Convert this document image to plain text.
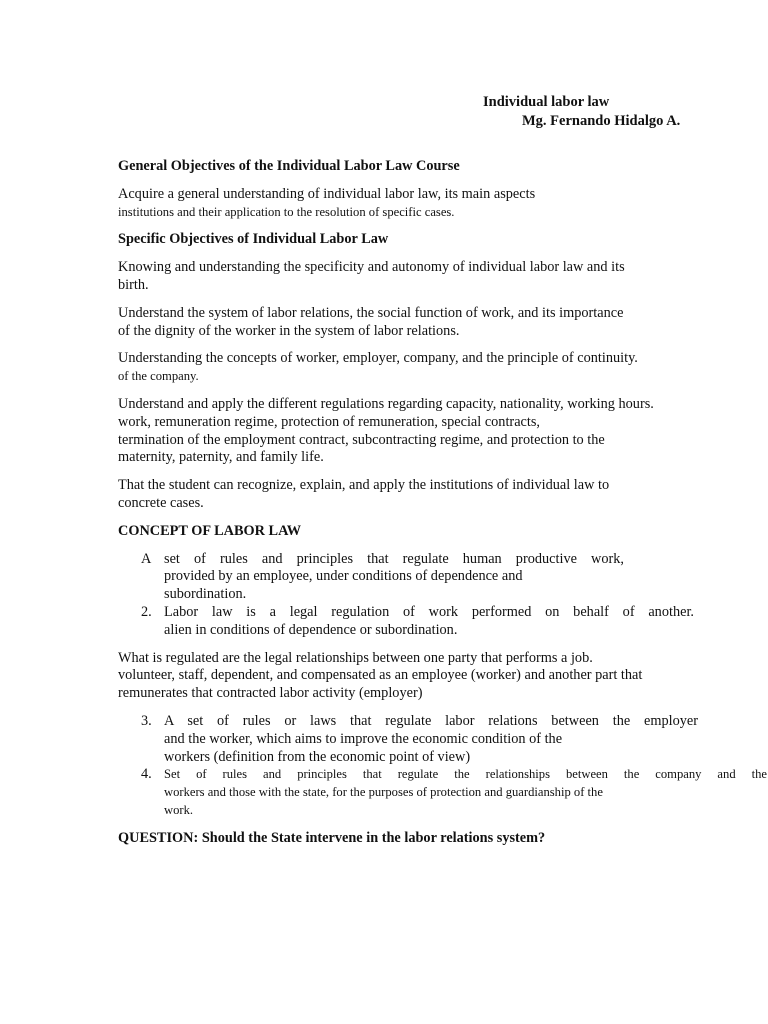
Individual labor law
Mg. Fernando Hidalgo A.
General Objectives of the Individual Labor Law Course
Acquire a general understanding of individual labor law, its main aspects
institutions and their application to the resolution of specific cases.
Specific Objectives of Individual Labor Law
Knowing and understanding the specificity and autonomy of individual labor law and its
birth.
Understand the system of labor relations, the social function of work, and its importance
of the dignity of the worker in the system of labor relations.
Understanding the concepts of worker, employer, company, and the principle of continuity.
of the company.
Understand and apply the different regulations regarding capacity, nationality, working hours.
work, remuneration regime, protection of remuneration, special contracts,
termination of the employment contract, subcontracting regime, and protection to the
maternity, paternity, and family life.
That the student can recognize, explain, and apply the institutions of individual law to
concrete cases.
CONCEPT OF LABOR LAW
A set of rules and principles that regulate human productive work,
provided by an employee, under conditions of dependence and
subordination.
2. Labor law is a legal regulation of work performed on behalf of another.
alien in conditions of dependence or subordination.
What is regulated are the legal relationships between one party that performs a job.
volunteer, staff, dependent, and compensated as an employee (worker) and another part that
remunerates that contracted labor activity (employer)
3. A set of rules or laws that regulate labor relations between the employer
and the worker, which aims to improve the economic condition of the
workers (definition from the economic point of view)
4. Set of rules and principles that regulate the relationships between the company and the
workers and those with the state, for the purposes of protection and guardianship of the
work.
QUESTION: Should the State intervene in the labor relations system?
